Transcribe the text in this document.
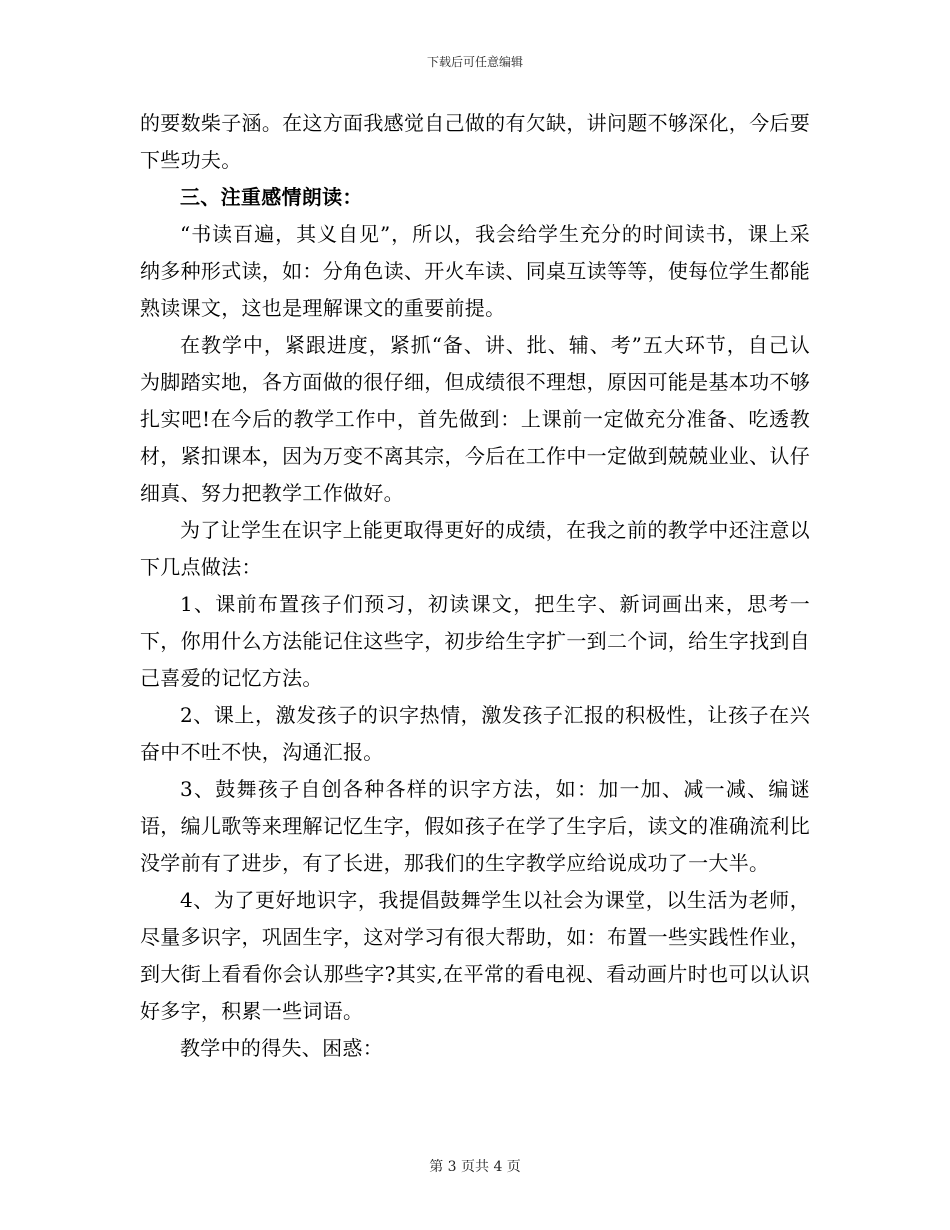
下载后可任意编辑

的要数柴子涵。在这方面我感觉自己做的有欠缺，讲问题不够深化，今后要下些功夫。

三、注重感情朗读：

“书读百遍，其义自见”，所以，我会给学生充分的时间读书，课上采纳多种形式读，如：分角色读、开火车读、同桌互读等等，使每位学生都能熟读课文，这也是理解课文的重要前提。

在教学中，紧跟进度，紧抓“备、讲、批、辅、考”五大环节，自己认为脚踏实地，各方面做的很仔细，但成绩很不理想，原因可能是基本功不够扎实吧!在今后的教学工作中，首先做到：上课前一定做充分准备、吃透教材，紧扣课本，因为万变不离其宗，今后在工作中一定做到兢兢业业、认仔细真、努力把教学工作做好。

为了让学生在识字上能更取得更好的成绩，在我之前的教学中还注意以下几点做法：

1、课前布置孩子们预习，初读课文，把生字、新词画出来，思考一下，你用什么方法能记住这些字，初步给生字扩一到二个词，给生字找到自己喜爱的记忆方法。

2、课上，激发孩子的识字热情，激发孩子汇报的积极性，让孩子在兴奋中不吐不快，沟通汇报。

3、鼓舞孩子自创各种各样的识字方法，如：加一加、减一减、编谜语，编儿歌等来理解记忆生字，假如孩子在学了生字后，读文的准确流利比没学前有了进步，有了长进，那我们的生字教学应给说成功了一大半。

4、为了更好地识字，我提倡鼓舞学生以社会为课堂，以生活为老师，尽量多识字，巩固生字，这对学习有很大帮助，如：布置一些实践性作业，到大街上看看你会认那些字?其实,在平常的看电视、看动画片时也可以认识好多字，积累一些词语。

教学中的得失、困惑：

第 3 页共 4 页
